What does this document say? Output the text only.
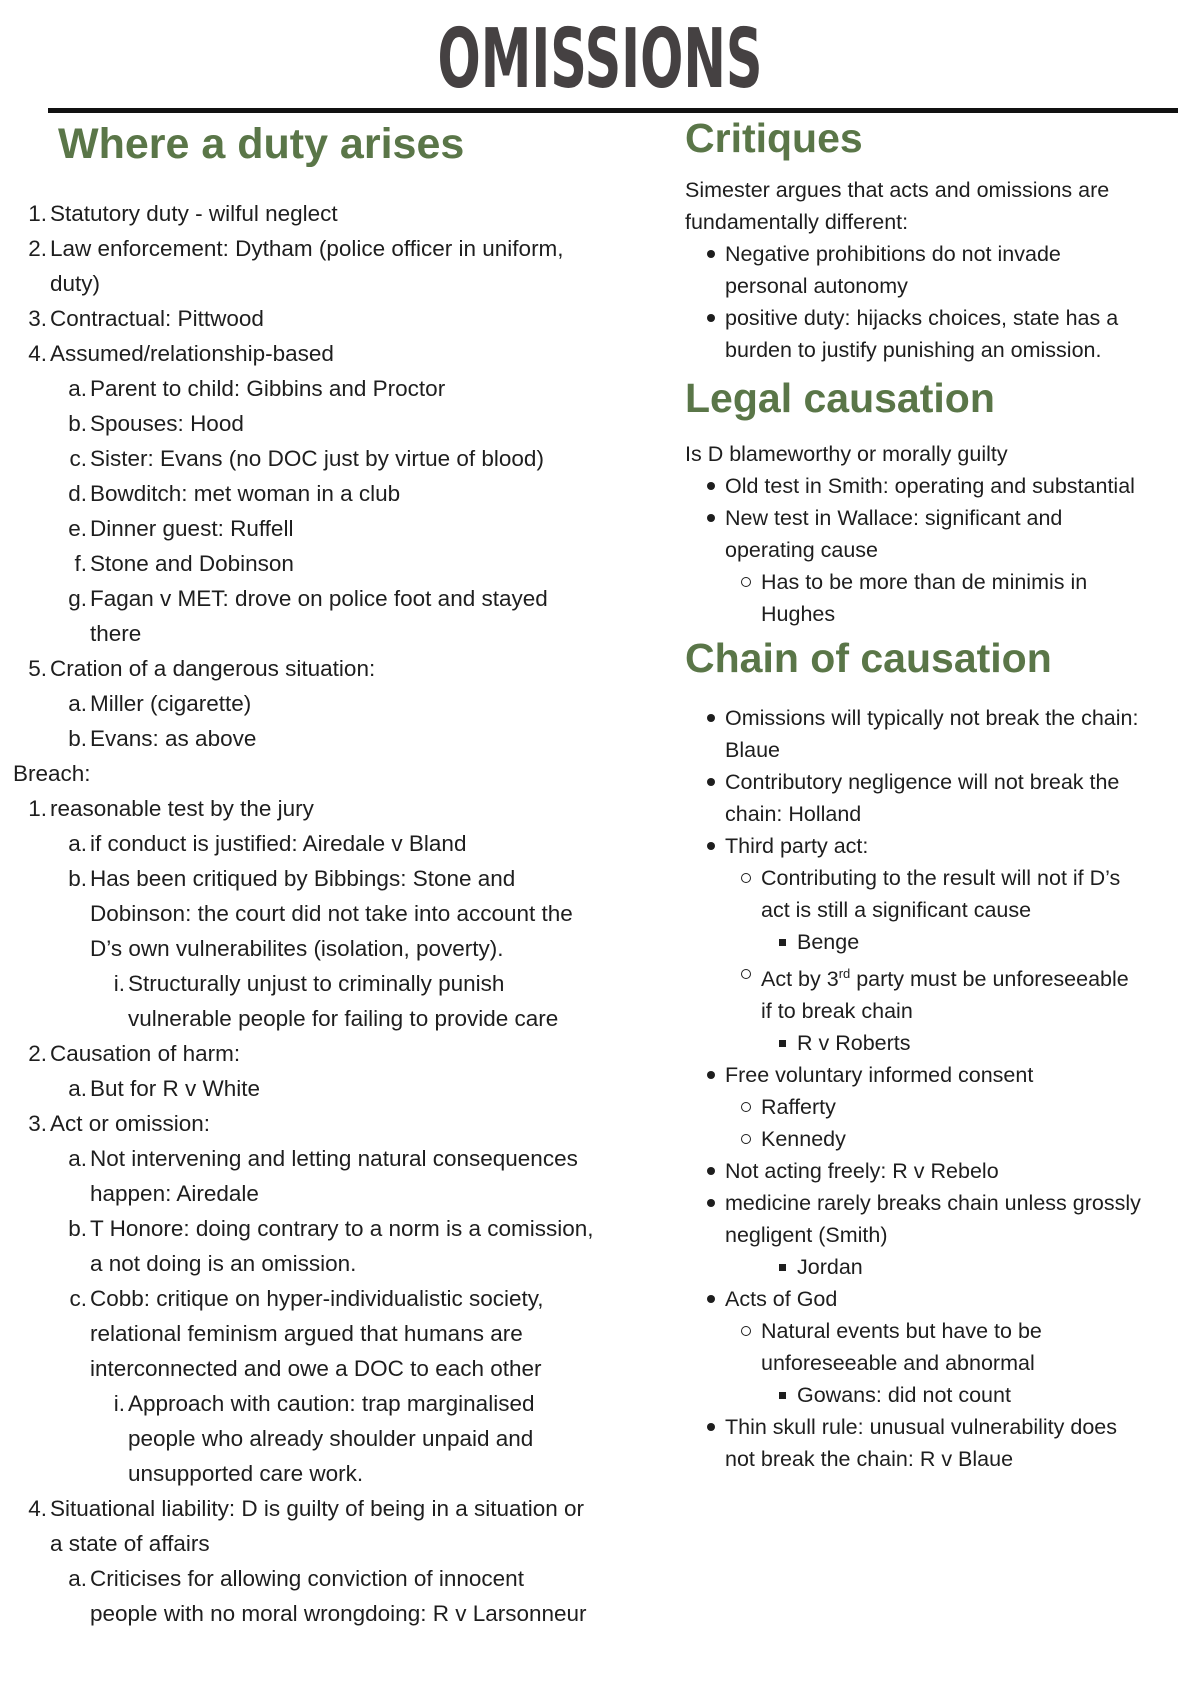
OMISSIONS
Where a duty arises
1. Statutory duty - wilful neglect
2. Law enforcement: Dytham (police officer in uniform,
duty)
3. Contractual: Pittwood
4. Assumed/relationship-based
a. Parent to child: Gibbins and Proctor
b. Spouses: Hood
c. Sister: Evans (no DOC just by virtue of blood)
d. Bowditch: met woman in a club
e. Dinner guest: Ruffell
f. Stone and Dobinson
g. Fagan v MET: drove on police foot and stayed
there
5. Cration of a dangerous situation:
a. Miller (cigarette)
b. Evans: as above
Breach:
1. reasonable test by the jury
a. if conduct is justified: Airedale v Bland
b. Has been critiqued by Bibbings: Stone and
Dobinson: the court did not take into account the
D’s own vulnerabilites (isolation, poverty).
i. Structurally unjust to criminally punish
vulnerable people for failing to provide care
2. Causation of harm:
a. But for R v White
3. Act or omission:
a. Not intervening and letting natural consequences
happen: Airedale
b. T Honore: doing contrary to a norm is a comission,
a not doing is an omission.
c. Cobb: critique on hyper-individualistic society,
relational feminism argued that humans are
interconnected and owe a DOC to each other
i. Approach with caution: trap marginalised
people who already shoulder unpaid and
unsupported care work.
4. Situational liability: D is guilty of being in a situation or
a state of affairs
a. Criticises for allowing conviction of innocent
people with no moral wrongdoing: R v Larsonneur
Critiques
Simester argues that acts and omissions are
fundamentally different:
Negative prohibitions do not invade
personal autonomy
positive duty: hijacks choices, state has a
burden to justify punishing an omission.
Legal causation
Is D blameworthy or morally guilty
Old test in Smith: operating and substantial
New test in Wallace: significant and
operating cause
Has to be more than de minimis in
Hughes
Chain of causation
Omissions will typically not break the chain:
Blaue
Contributory negligence will not break the
chain: Holland
Third party act:
Contributing to the result will not if D’s
act is still a significant cause
Benge
Act by 3rd party must be unforeseeable
if to break chain
R v Roberts
Free voluntary informed consent
Rafferty
Kennedy
Not acting freely: R v Rebelo
medicine rarely breaks chain unless grossly
negligent (Smith)
Jordan
Acts of God
Natural events but have to be
unforeseeable and abnormal
Gowans: did not count
Thin skull rule: unusual vulnerability does
not break the chain: R v Blaue
